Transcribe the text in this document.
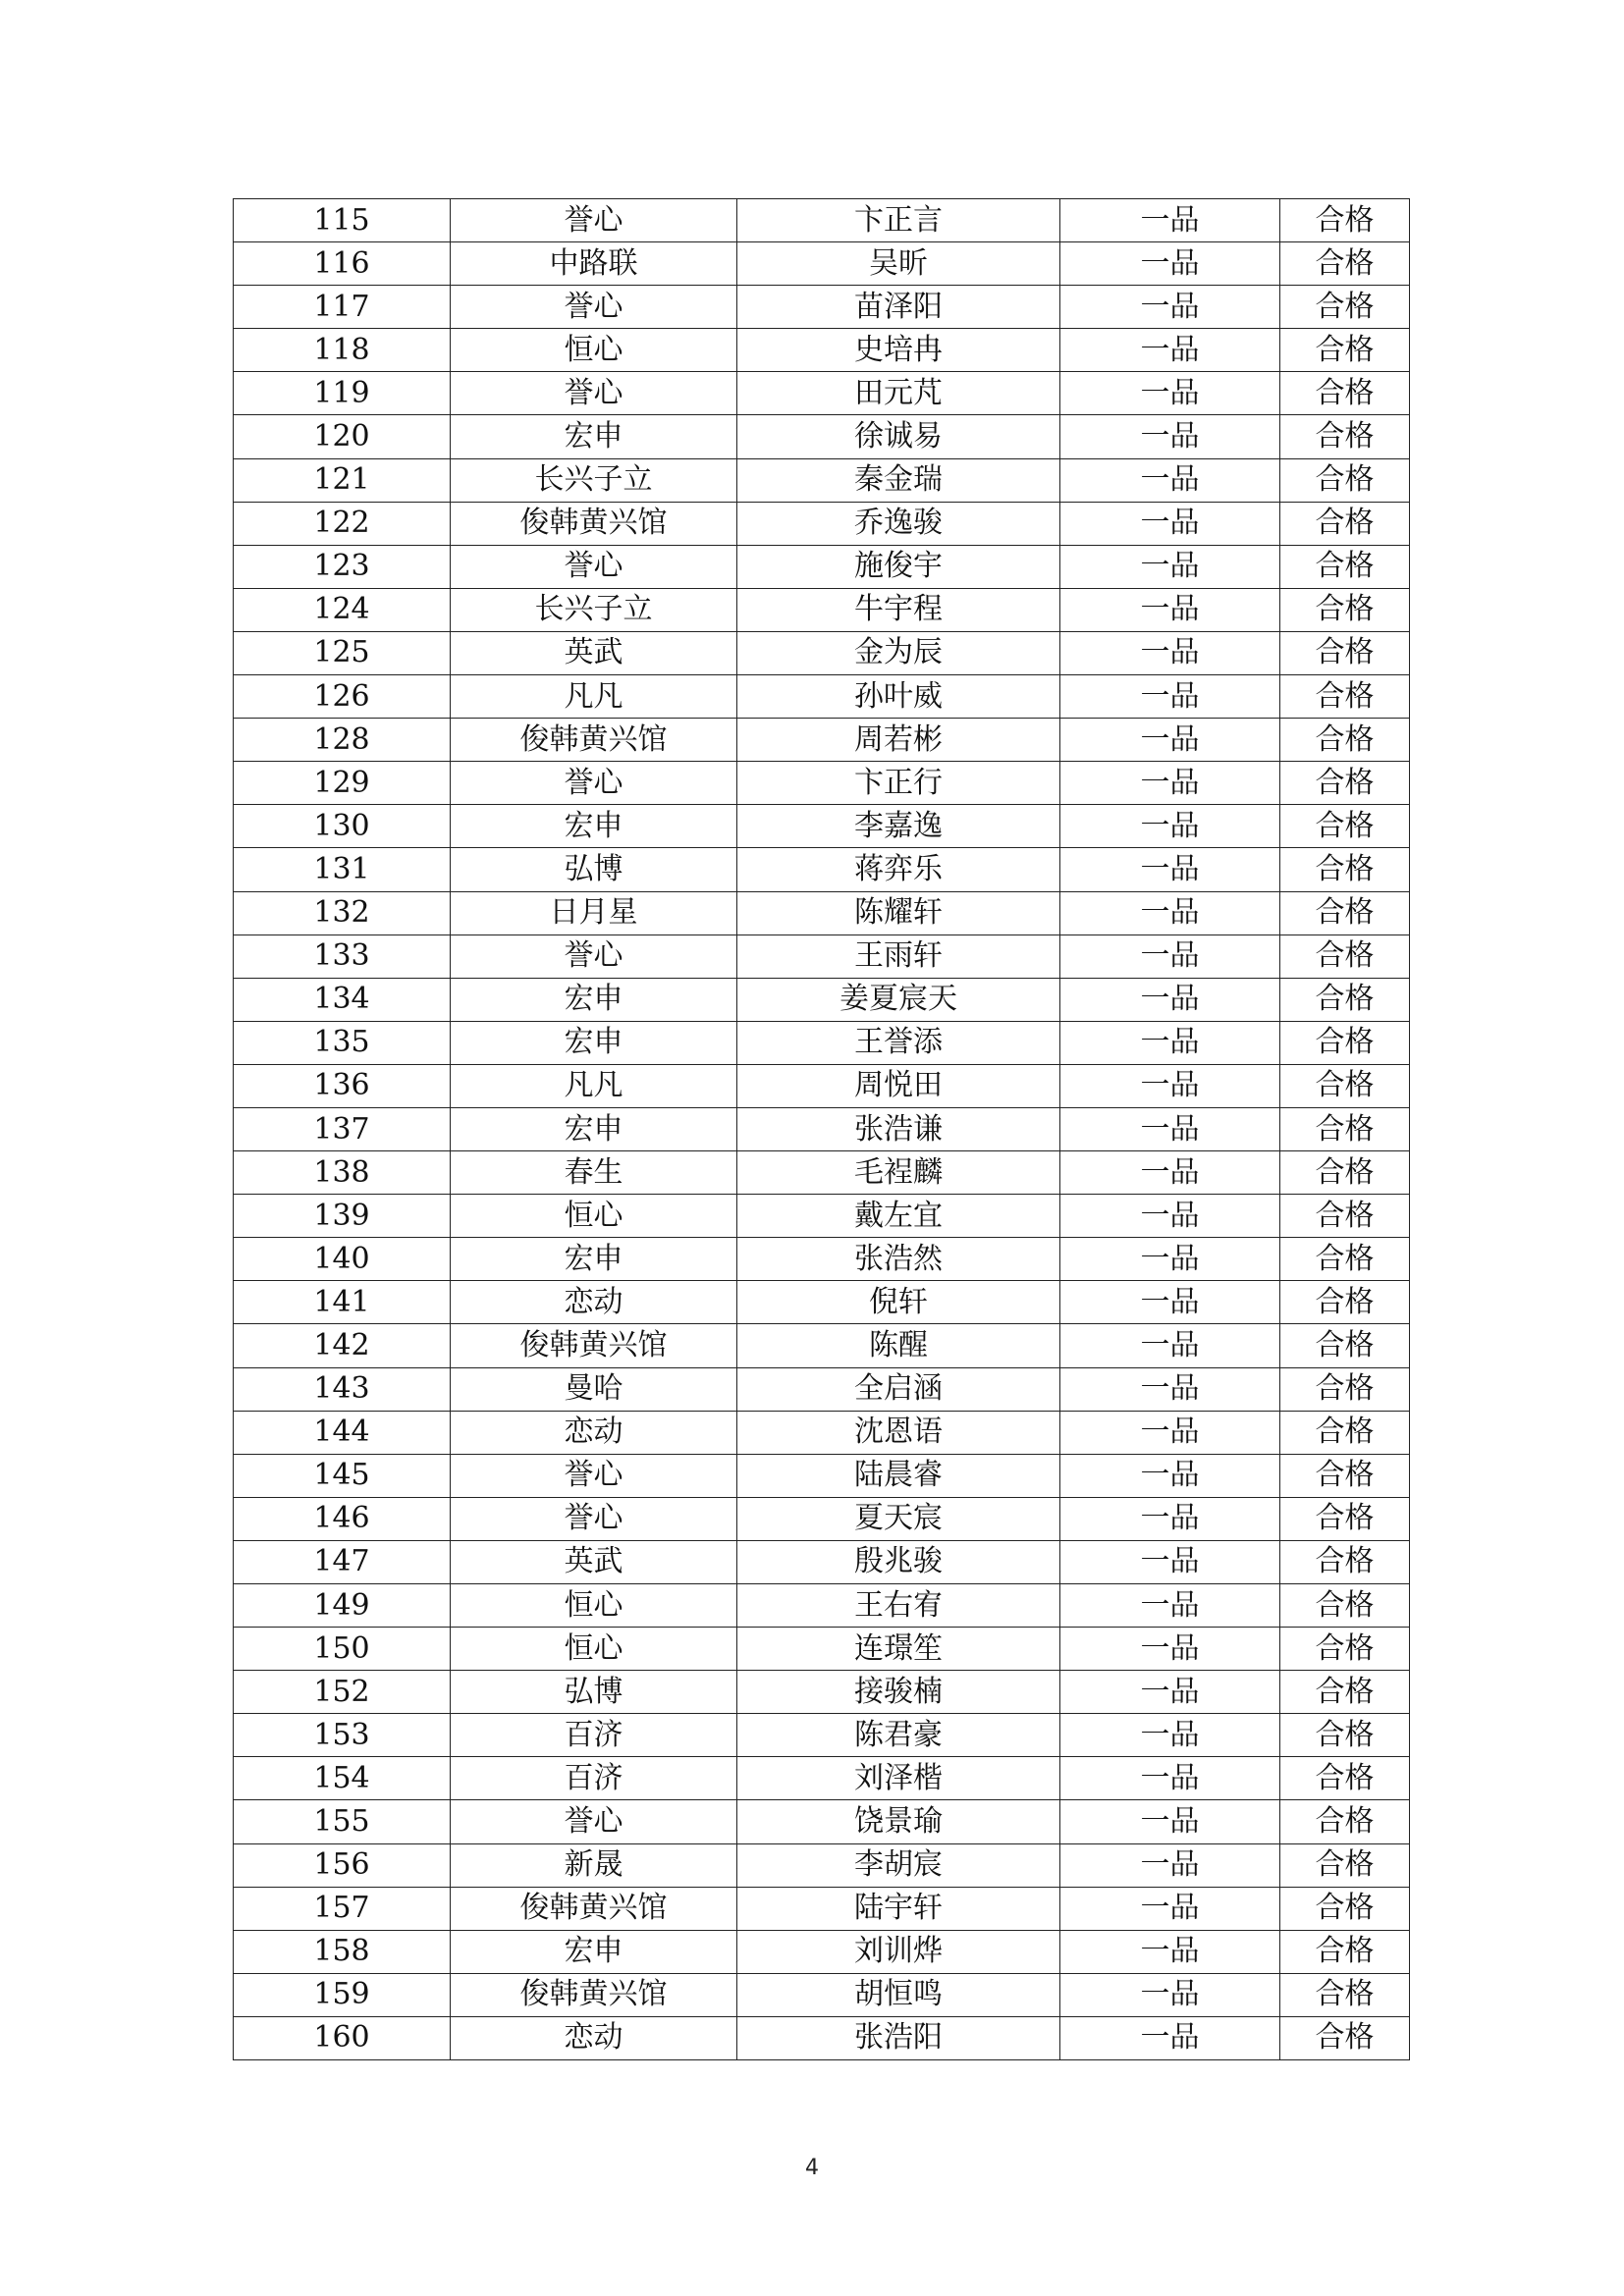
115	誉心	卞正言	一品	合格
116	中路联	吴昕	一品	合格
117	誉心	苗泽阳	一品	合格
118	恒心	史培冉	一品	合格
119	誉心	田元芃	一品	合格
120	宏申	徐诚易	一品	合格
121	长兴子立	秦金瑞	一品	合格
122	俊韩黄兴馆	乔逸骏	一品	合格
123	誉心	施俊宇	一品	合格
124	长兴子立	牛宇程	一品	合格
125	英武	金为辰	一品	合格
126	凡凡	孙叶威	一品	合格
128	俊韩黄兴馆	周若彬	一品	合格
129	誉心	卞正行	一品	合格
130	宏申	李嘉逸	一品	合格
131	弘博	蒋弈乐	一品	合格
132	日月星	陈耀轩	一品	合格
133	誉心	王雨轩	一品	合格
134	宏申	姜夏宸天	一品	合格
135	宏申	王誉添	一品	合格
136	凡凡	周悦田	一品	合格
137	宏申	张浩谦	一品	合格
138	春生	毛裎麟	一品	合格
139	恒心	戴左宜	一品	合格
140	宏申	张浩然	一品	合格
141	恋动	倪轩	一品	合格
142	俊韩黄兴馆	陈醒	一品	合格
143	曼哈	全启涵	一品	合格
144	恋动	沈恩语	一品	合格
145	誉心	陆晨睿	一品	合格
146	誉心	夏天宸	一品	合格
147	英武	殷兆骏	一品	合格
149	恒心	王右宥	一品	合格
150	恒心	连璟笙	一品	合格
152	弘博	接骏楠	一品	合格
153	百济	陈君豪	一品	合格
154	百济	刘泽楷	一品	合格
155	誉心	饶景瑜	一品	合格
156	新晟	李胡宸	一品	合格
157	俊韩黄兴馆	陆宇轩	一品	合格
158	宏申	刘训烨	一品	合格
159	俊韩黄兴馆	胡恒鸣	一品	合格
160	恋动	张浩阳	一品	合格
4
